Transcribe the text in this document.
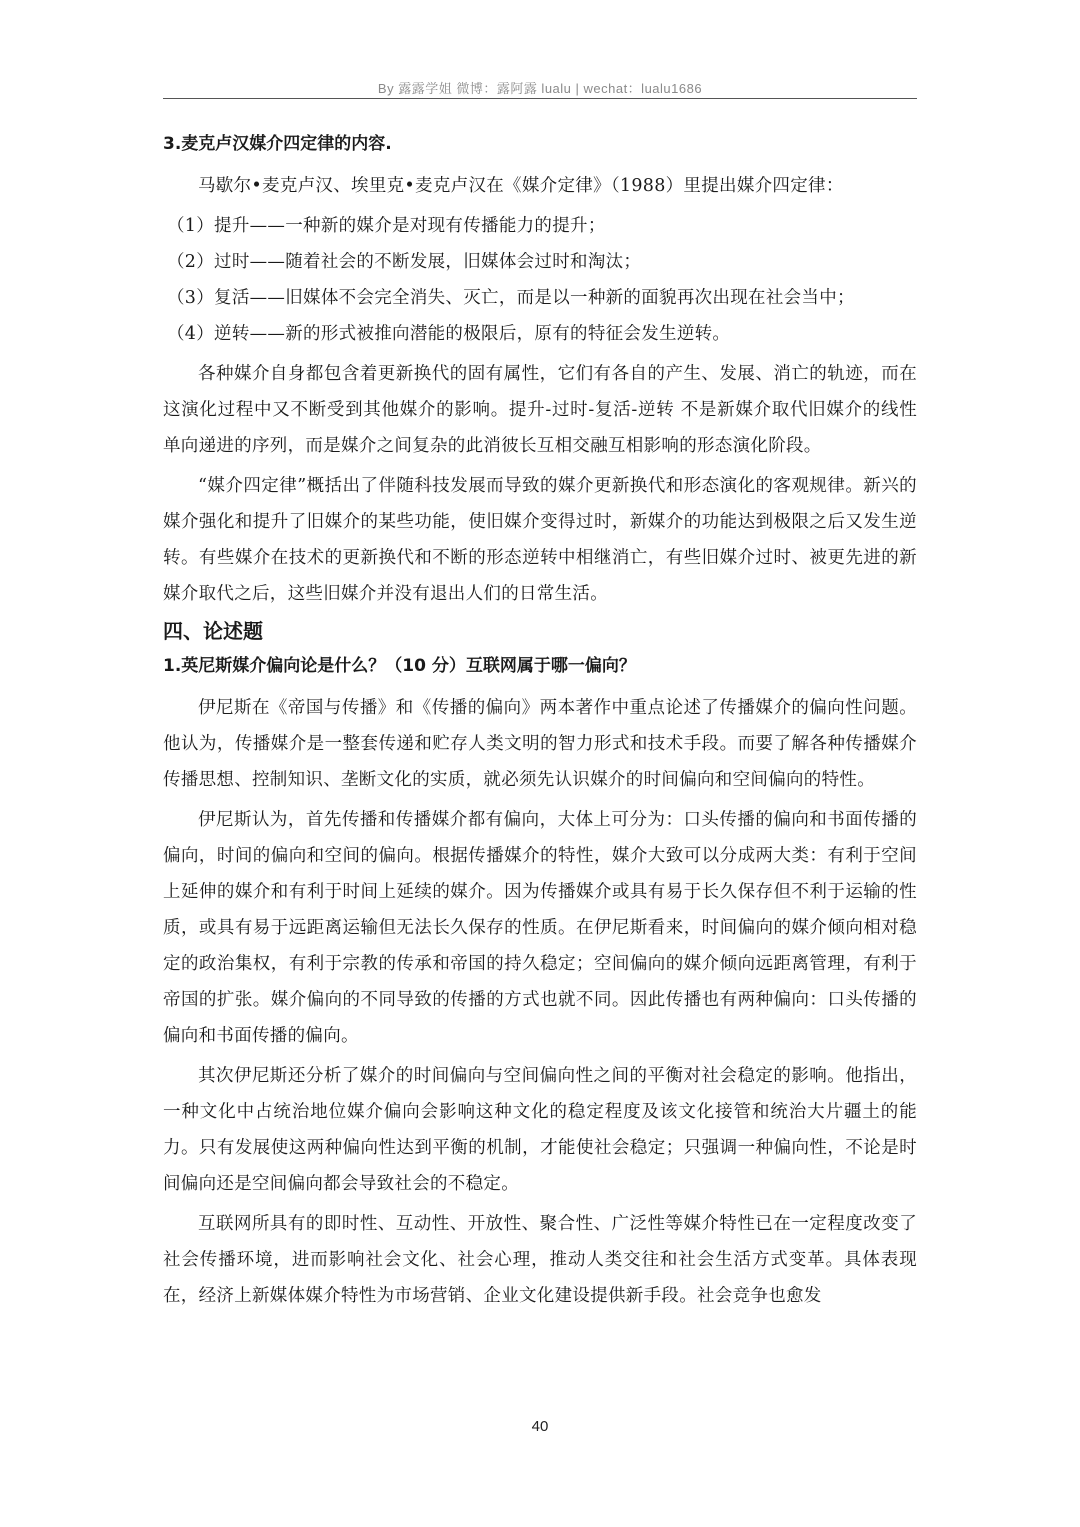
By 露露学姐 微博：露阿露 lualu | wechat：lualu1686

3.麦克卢汉媒介四定律的内容.

马歇尔•麦克卢汉、埃里克•麦克卢汉在《媒介定律》（1988）里提出媒介四定律：

（1）提升——一种新的媒介是对现有传播能力的提升；

（2）过时——随着社会的不断发展，旧媒体会过时和淘汰；

（3）复活——旧媒体不会完全消失、灭亡，而是以一种新的面貌再次出现在社会当中；

（4）逆转——新的形式被推向潜能的极限后，原有的特征会发生逆转。

各种媒介自身都包含着更新换代的固有属性，它们有各自的产生、发展、消亡的轨迹，而在这演化过程中又不断受到其他媒介的影响。提升-过时-复活-逆转 不是新媒介取代旧媒介的线性单向递进的序列，而是媒介之间复杂的此消彼长互相交融互相影响的形态演化阶段。

“媒介四定律”概括出了伴随科技发展而导致的媒介更新换代和形态演化的客观规律。新兴的媒介强化和提升了旧媒介的某些功能，使旧媒介变得过时，新媒介的功能达到极限之后又发生逆转。有些媒介在技术的更新换代和不断的形态逆转中相继消亡，有些旧媒介过时、被更先进的新媒介取代之后，这些旧媒介并没有退出人们的日常生活。

四、论述题

1.英尼斯媒介偏向论是什么？（10 分）互联网属于哪一偏向？

伊尼斯在《帝国与传播》和《传播的偏向》两本著作中重点论述了传播媒介的偏向性问题。他认为，传播媒介是一整套传递和贮存人类文明的智力形式和技术手段。而要了解各种传播媒介传播思想、控制知识、垄断文化的实质，就必须先认识媒介的时间偏向和空间偏向的特性。

伊尼斯认为，首先传播和传播媒介都有偏向，大体上可分为：口头传播的偏向和书面传播的偏向，时间的偏向和空间的偏向。根据传播媒介的特性，媒介大致可以分成两大类：有利于空间上延伸的媒介和有利于时间上延续的媒介。因为传播媒介或具有易于长久保存但不利于运输的性质，或具有易于远距离运输但无法长久保存的性质。在伊尼斯看来，时间偏向的媒介倾向相对稳定的政治集权，有利于宗教的传承和帝国的持久稳定；空间偏向的媒介倾向远距离管理，有利于帝国的扩张。媒介偏向的不同导致的传播的方式也就不同。因此传播也有两种偏向：口头传播的偏向和书面传播的偏向。

其次伊尼斯还分析了媒介的时间偏向与空间偏向性之间的平衡对社会稳定的影响。他指出，一种文化中占统治地位媒介偏向会影响这种文化的稳定程度及该文化接管和统治大片疆土的能力。只有发展使这两种偏向性达到平衡的机制，才能使社会稳定；只强调一种偏向性，不论是时间偏向还是空间偏向都会导致社会的不稳定。

互联网所具有的即时性、互动性、开放性、聚合性、广泛性等媒介特性已在一定程度改变了社会传播环境，进而影响社会文化、社会心理，推动人类交往和社会生活方式变革。具体表现在，经济上新媒体媒介特性为市场营销、企业文化建设提供新手段。社会竞争也愈发

40
